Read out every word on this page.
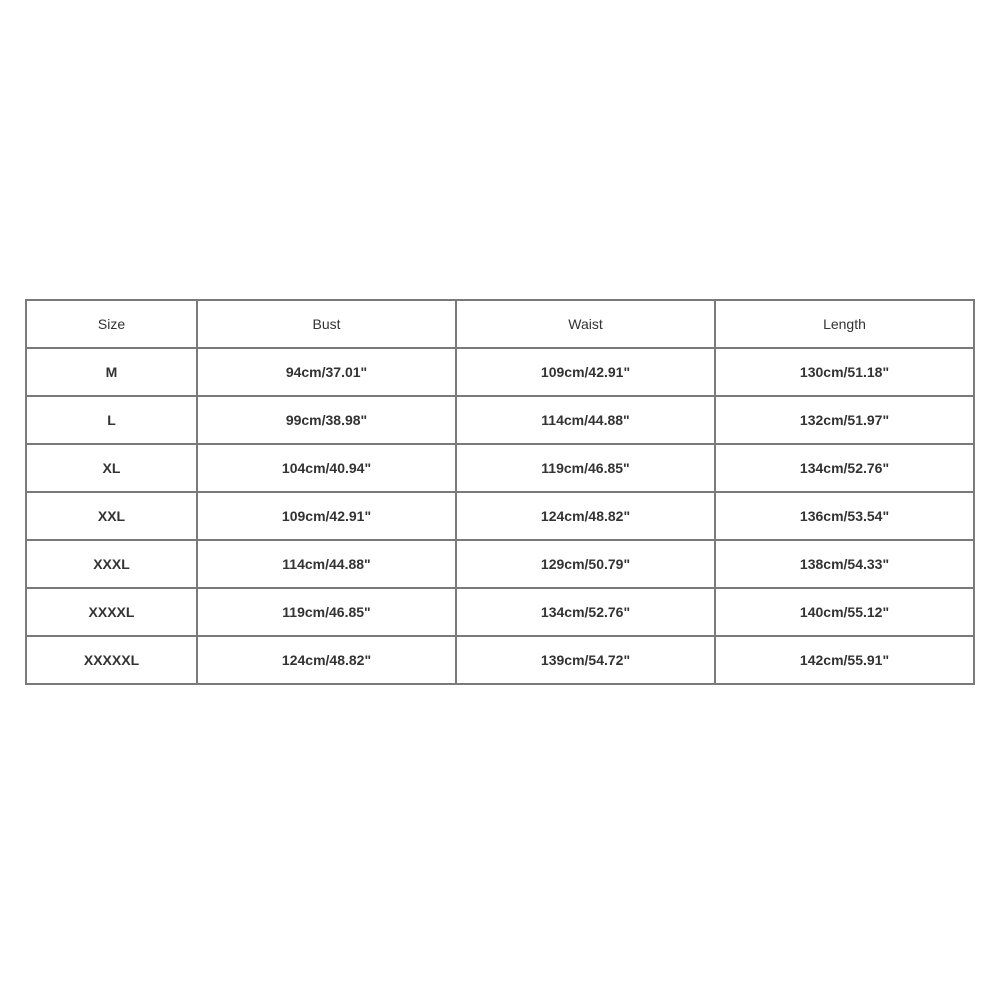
Size	Bust	Waist	Length
M	94cm/37.01"	109cm/42.91"	130cm/51.18"
L	99cm/38.98"	114cm/44.88"	132cm/51.97"
XL	104cm/40.94"	119cm/46.85"	134cm/52.76"
XXL	109cm/42.91"	124cm/48.82"	136cm/53.54"
XXXL	114cm/44.88"	129cm/50.79"	138cm/54.33"
XXXXL	119cm/46.85"	134cm/52.76"	140cm/55.12"
XXXXXL	124cm/48.82"	139cm/54.72"	142cm/55.91"
